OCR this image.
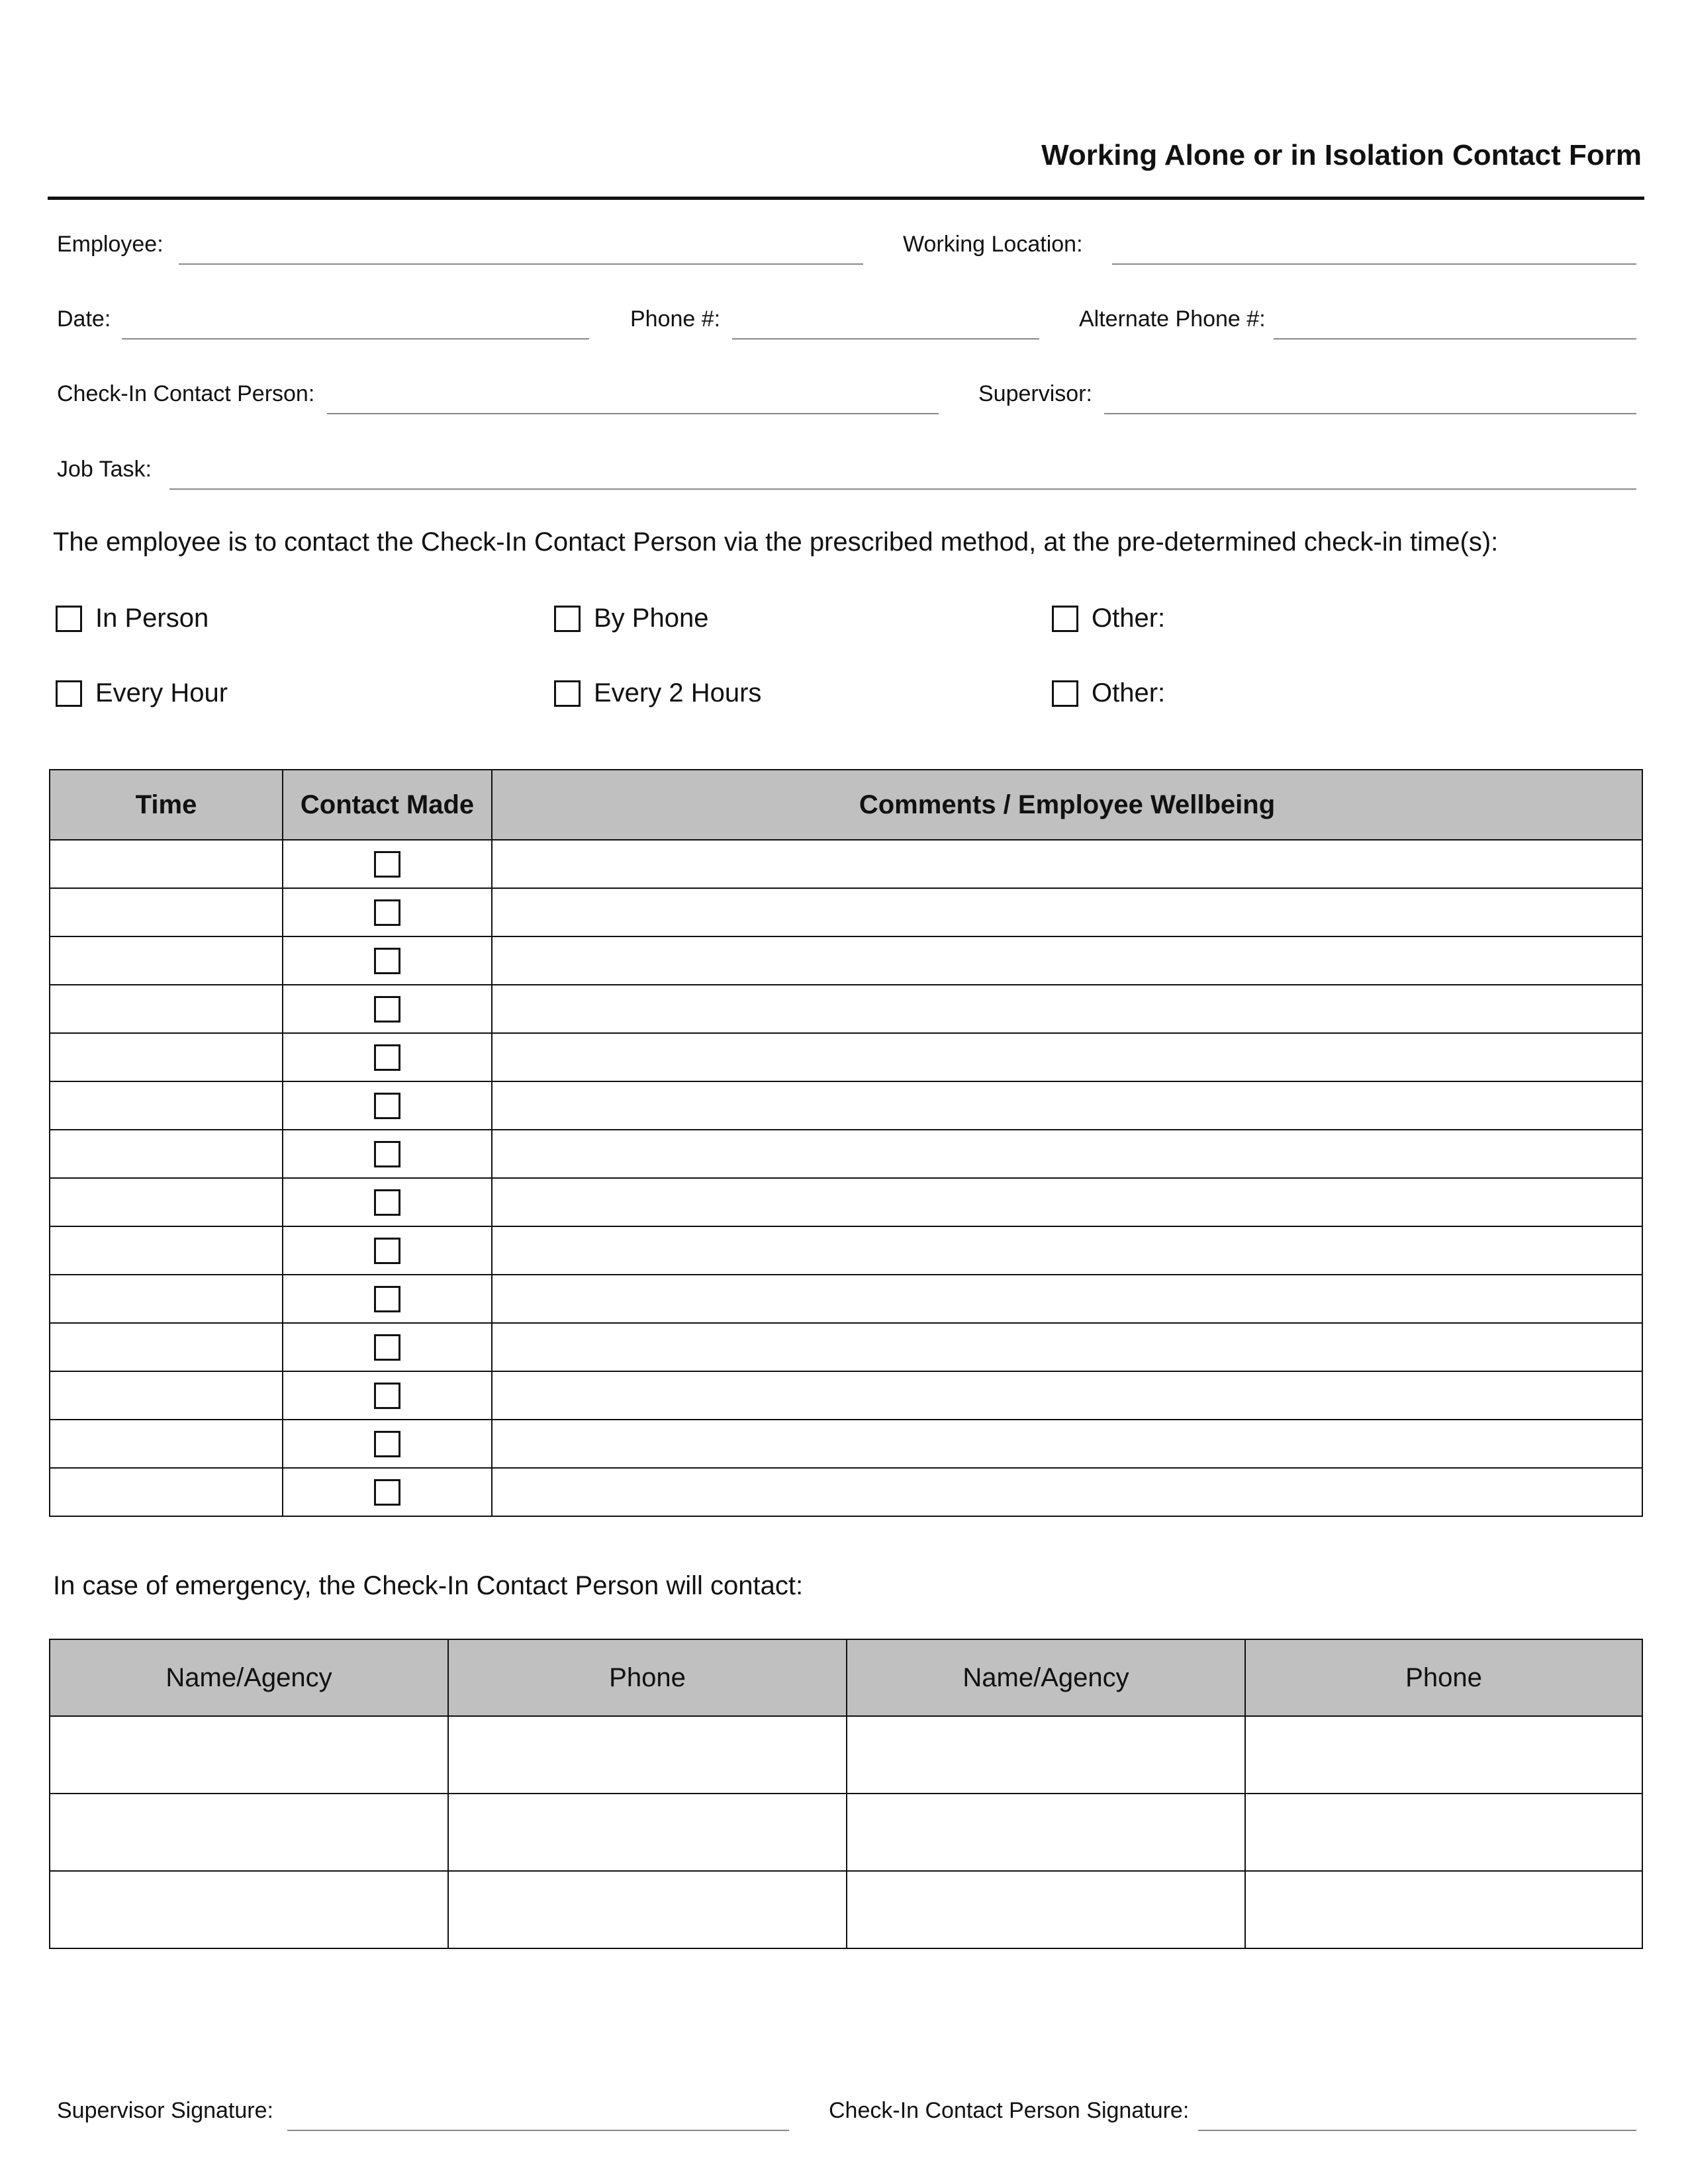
Working Alone or in Isolation Contact Form
Employee:	Working Location:
Date:	Phone #:	Alternate Phone #:
Check-In Contact Person:	Supervisor:
Job Task:
The employee is to contact the Check-In Contact Person via the prescribed method, at the pre-determined check-in time(s):
In Person	By Phone	Other:
Every Hour	Every 2 Hours	Other:
Time	Contact Made	Comments / Employee Wellbeing

In case of emergency, the Check-In Contact Person will contact:
Name/Agency	Phone	Name/Agency	Phone

Supervisor Signature:	Check-In Contact Person Signature:
